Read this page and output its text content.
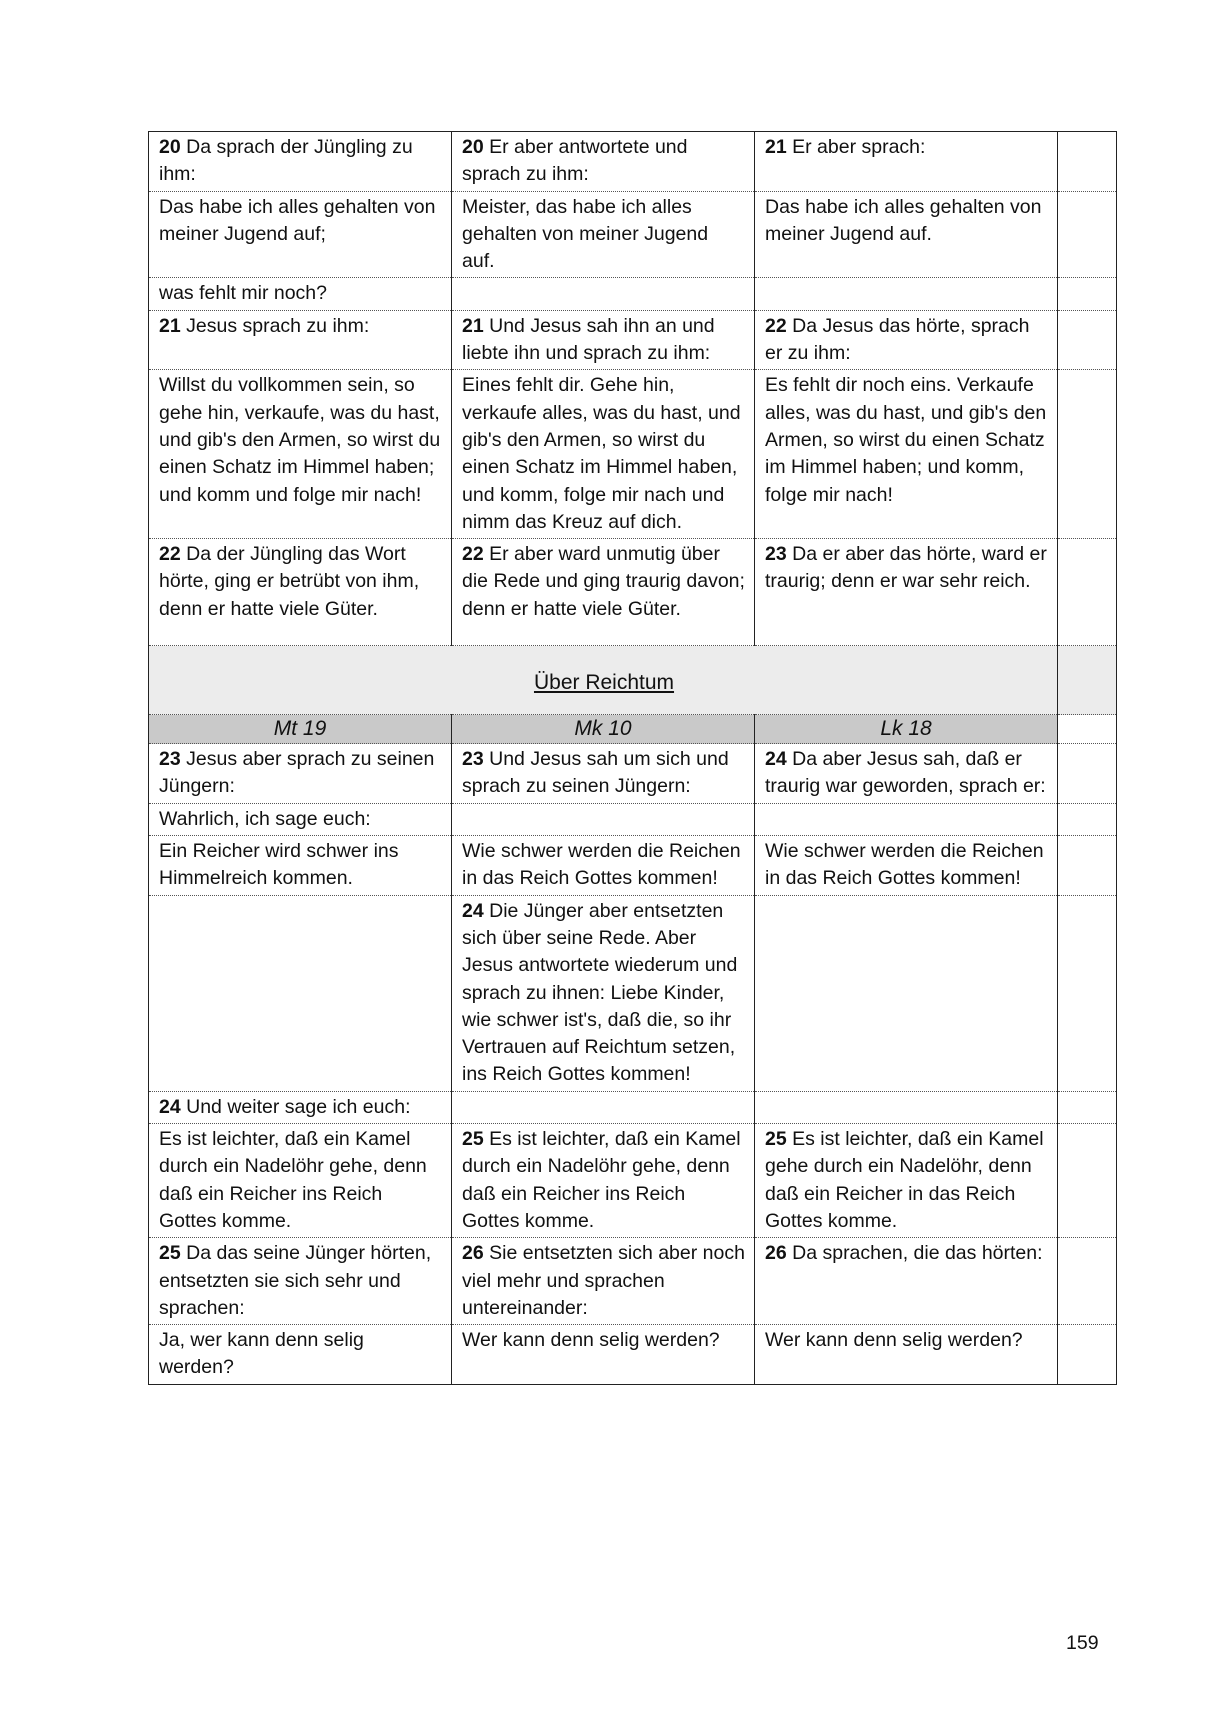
20 Da sprach der Jüngling zu ihm:	20 Er aber antwortete und sprach zu ihm:	21 Er aber sprach:	
Das habe ich alles gehalten von meiner Jugend auf;	Meister, das habe ich alles gehalten von meiner Jugend auf.	Das habe ich alles gehalten von meiner Jugend auf.	
was fehlt mir noch?			
21 Jesus sprach zu ihm:	21 Und Jesus sah ihn an und liebte ihn und sprach zu ihm:	22 Da Jesus das hörte, sprach er zu ihm:	
Willst du vollkommen sein, so gehe hin, verkaufe, was du hast, und gib's den Armen, so wirst du einen Schatz im Himmel haben; und komm und folge mir nach!	Eines fehlt dir. Gehe hin, verkaufe alles, was du hast, und gib's den Armen, so wirst du einen Schatz im Himmel haben, und komm, folge mir nach und nimm das Kreuz auf dich.	Es fehlt dir noch eins. Verkaufe alles, was du hast, und gib's den Armen, so wirst du einen Schatz im Himmel haben; und komm, folge mir nach!	
22 Da der Jüngling das Wort hörte, ging er betrübt von ihm, denn er hatte viele Güter.	22 Er aber ward unmutig über die Rede und ging traurig davon; denn er hatte viele Güter.	23 Da er aber das hörte, ward er traurig; denn er war sehr reich.	
Über Reichtum			
Mt 19	Mk 10	Lk 18	
23 Jesus aber sprach zu seinen Jüngern:	23 Und Jesus sah um sich und sprach zu seinen Jüngern:	24 Da aber Jesus sah, daß er traurig war geworden, sprach er:	
Wahrlich, ich sage euch:			
Ein Reicher wird schwer ins Himmelreich kommen.	Wie schwer werden die Reichen in das Reich Gottes kommen!	Wie schwer werden die Reichen in das Reich Gottes kommen!	
	24 Die Jünger aber entsetzten sich über seine Rede. Aber Jesus antwortete wiederum und sprach zu ihnen: Liebe Kinder, wie schwer ist's, daß die, so ihr Vertrauen auf Reichtum setzen, ins Reich Gottes kommen!		
24 Und weiter sage ich euch:			
Es ist leichter, daß ein Kamel durch ein Nadelöhr gehe, denn daß ein Reicher ins Reich Gottes komme.	25 Es ist leichter, daß ein Kamel durch ein Nadelöhr gehe, denn daß ein Reicher ins Reich Gottes komme.	25 Es ist leichter, daß ein Kamel gehe durch ein Nadelöhr, denn daß ein Reicher in das Reich Gottes komme.	
25 Da das seine Jünger hörten, entsetzten sie sich sehr und sprachen:	26 Sie entsetzten sich aber noch viel mehr und sprachen untereinander:	26 Da sprachen, die das hörten:	
Ja, wer kann denn selig werden?	Wer kann denn selig werden?	Wer kann denn selig werden?	
159
